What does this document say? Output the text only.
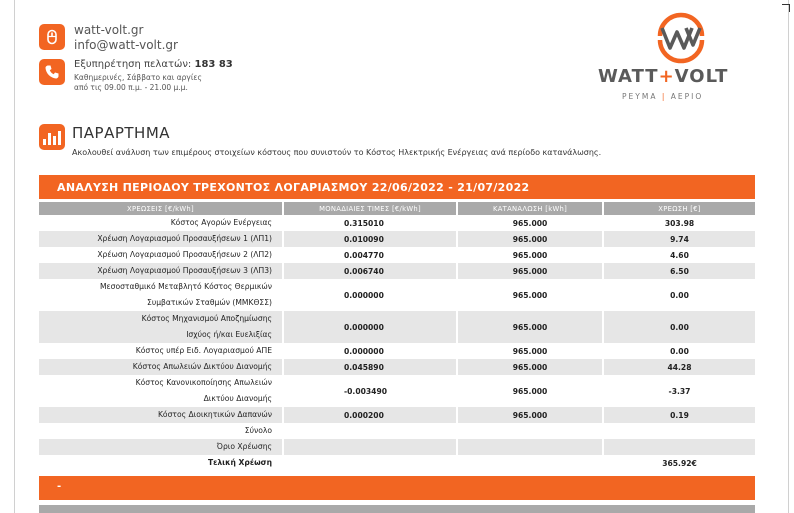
watt-volt.gr
info@watt-volt.gr
Εξυπηρέτηση πελατών: 183 83
Καθημερινές, Σάββατο και αργίες
από τις 09.00 π.μ. - 21.00 μ.μ.
WATT+VOLT
ΡΕΥΜΑ | ΑΕΡΙΟ
ΠΑΡΑΡΤΗΜΑ
Ακολουθεί ανάλυση των επιμέρους στοιχείων κόστους που συνιστούν το Κόστος Ηλεκτρικής Ενέργειας ανά περίοδο κατανάλωσης.
ΑΝΑΛΥΣΗ ΠΕΡΙΟΔΟΥ ΤΡΕΧΟΝΤΟΣ ΛΟΓΑΡΙΑΣΜΟΥ 22/06/2022 - 21/07/2022
ΧΡΕΩΣΕΙΣ [€/kWh]	ΜΟΝΑΔΙΑΙΕΣ ΤΙΜΕΣ [€/kWh]	ΚΑΤΑΝΑΛΩΣΗ [kWh]	ΧΡΕΩΣΗ [€]
Κόστος Αγορών Ενέργειας	0.315010	965.000	303.98
Χρέωση Λογαριασμού Προσαυξήσεων 1 (ΛΠ1)	0.010090	965.000	9.74
Χρέωση Λογαριασμού Προσαυξήσεων 2 (ΛΠ2)	0.004770	965.000	4.60
Χρέωση Λογαριασμού Προσαυξήσεων 3 (ΛΠ3)	0.006740	965.000	6.50
Μεσοσταθμικό Μεταβλητό Κόστος Θερμικών
Συμβατικών Σταθμών (ΜΜΚΘΣΣ)	0.000000	965.000	0.00
Κόστος Μηχανισμού Αποζημίωσης
Ισχύος ή/και Ευελιξίας	0.000000	965.000	0.00
Κόστος υπέρ Ειδ. Λογαριασμού ΑΠΕ	0.000000	965.000	0.00
Κόστος Απωλειών Δικτύου Διανομής	0.045890	965.000	44.28
Κόστος Κανονικοποίησης Απωλειών
Δικτύου Διανομής	-0.003490	965.000	-3.37
Κόστος Διοικητικών Δαπανών	0.000200	965.000	0.19
Σύνολο			
Όριο Χρέωσης			
Τελική Χρέωση			365.92€
-
